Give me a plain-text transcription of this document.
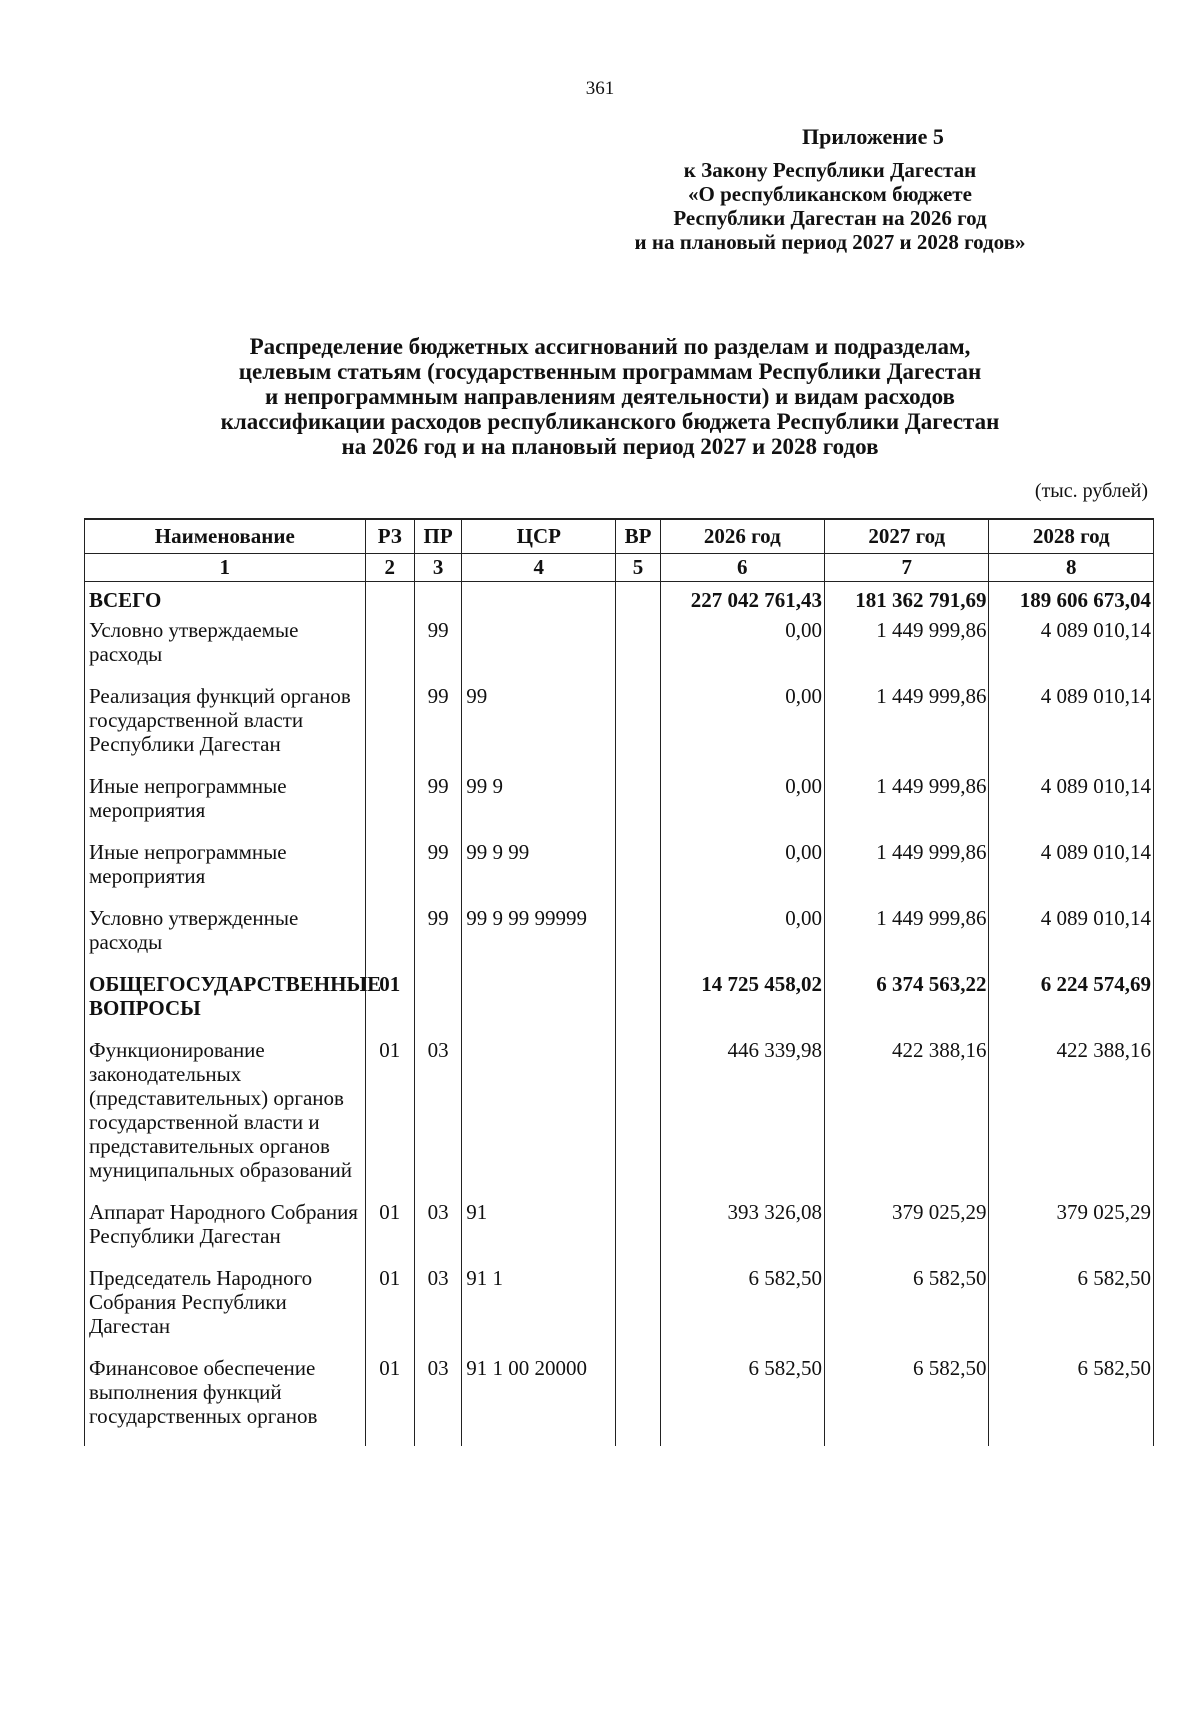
361
Приложение 5
к Закону Республики Дагестан
«О республиканском бюджете
Республики Дагестан на 2026 год
и на плановый период 2027 и 2028 годов»
Распределение бюджетных ассигнований по разделам и подразделам,
целевым статьям (государственным программам Республики Дагестан
и непрограммным направлениям деятельности) и видам расходов
классификации расходов республиканского бюджета Республики Дагестан
на 2026 год и на плановый период 2027 и 2028 годов
(тыс. рублей)
Наименование	РЗ	ПР	ЦСР	ВР	2026 год	2027 год	2028 год
1	2	3	4	5	6	7	8
ВСЕГО					227 042 761,43	181 362 791,69	189 606 673,04
Условно утверждаемые расходы		99			0,00	1 449 999,86	4 089 010,14
Реализация функций органов государственной власти Республики Дагестан		99	99		0,00	1 449 999,86	4 089 010,14
Иные непрограммные мероприятия		99	99 9		0,00	1 449 999,86	4 089 010,14
Иные непрограммные мероприятия		99	99 9 99		0,00	1 449 999,86	4 089 010,14
Условно утвержденные расходы		99	99 9 99 99999		0,00	1 449 999,86	4 089 010,14
ОБЩЕГОСУДАРСТВЕННЫЕ ВОПРОСЫ	01				14 725 458,02	6 374 563,22	6 224 574,69
Функционирование законодательных (представительных) органов государственной власти и представительных органов муниципальных образований	01	03			446 339,98	422 388,16	422 388,16
Аппарат Народного Собрания Республики Дагестан	01	03	91		393 326,08	379 025,29	379 025,29
Председатель Народного Собрания Республики Дагестан	01	03	91 1		6 582,50	6 582,50	6 582,50
Финансовое обеспечение выполнения функций государственных органов	01	03	91 1 00 20000		6 582,50	6 582,50	6 582,50
